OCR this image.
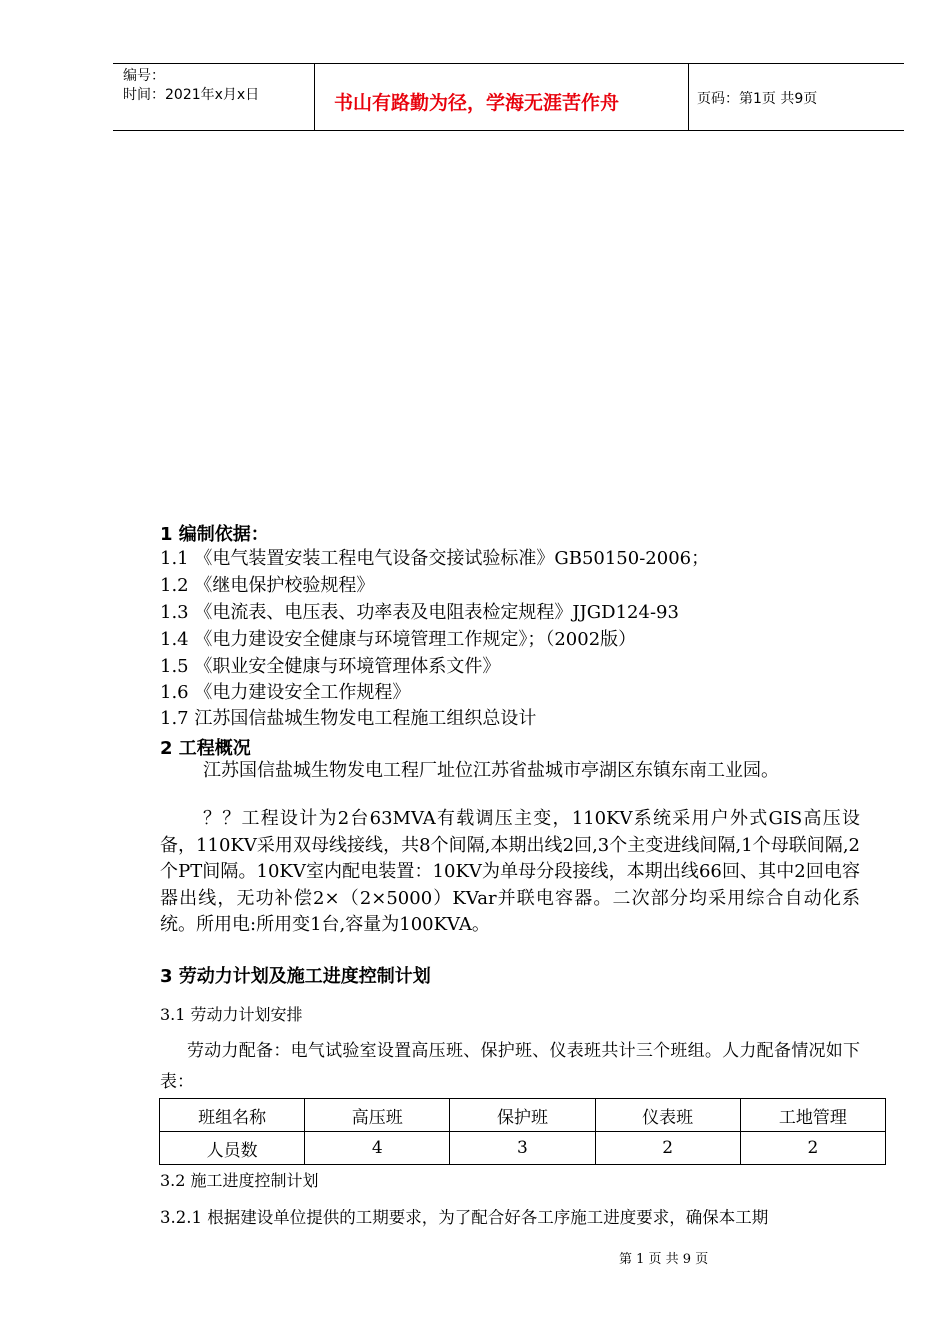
编号：
时间：2021年x月x日	书山有路勤为径，学海无涯苦作舟	页码：第1页 共9页
1 编制依据：
1.1 《电气装置安装工程电气设备交接试验标准》GB50150-2006；
1.2 《继电保护校验规程》
1.3 《电流表、电压表、功率表及电阻表检定规程》JJGD124-93
1.4 《电力建设安全健康与环境管理工作规定》；（2002版）
1.5 《职业安全健康与环境管理体系文件》
1.6 《电力建设安全工作规程》
1.7 江苏国信盐城生物发电工程施工组织总设计
2 工程概况
江苏国信盐城生物发电工程厂址位江苏省盐城市亭湖区东镇东南工业园。
？？工程设计为2台63MVA有载调压主变，110KV系统采用户外式GIS高压设备，110KV采用双母线接线，共8个间隔,本期出线2回,3个主变进线间隔,1个母联间隔,2个PT间隔。10KV室内配电装置：10KV为单母分段接线，本期出线66回、其中2回电容器出线，无功补偿2×（2×5000）KVar并联电容器。二次部分均采用综合自动化系统。所用电:所用变1台,容量为100KVA。
3 劳动力计划及施工进度控制计划
3.1 劳动力计划安排
劳动力配备：电气试验室设置高压班、保护班、仪表班共计三个班组。人力配备情况如下表：
班组名称	高压班	保护班	仪表班	工地管理
人员数	4	3	2	2
3.2 施工进度控制计划
3.2.1 根据建设单位提供的工期要求，为了配合好各工序施工进度要求，确保本工期
第 1 页 共 9 页
